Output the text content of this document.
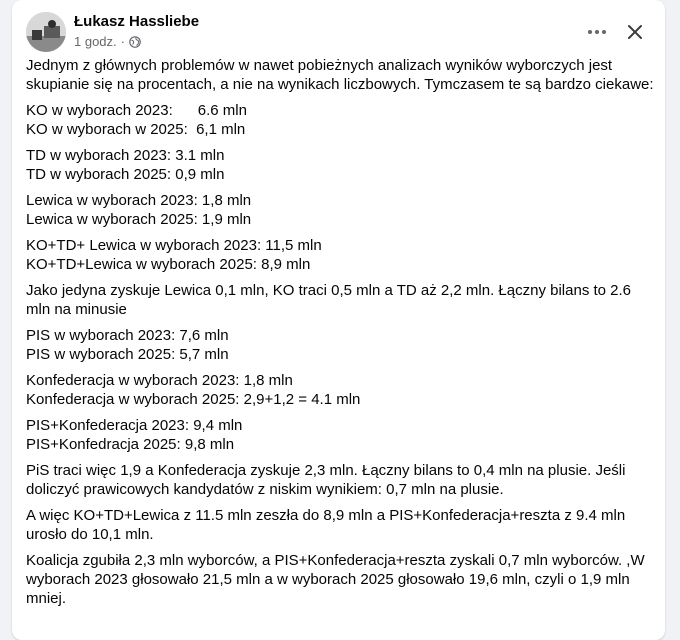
Łukasz Hassliebe
1 godz. ·
Jednym z głównych problemów w nawet pobieżnych analizach wyników wyborczych jest skupianie się na procentach, a nie na wynikach liczbowych. Tymczasem te są bardzo ciekawe:
KO w wyborach 2023:      6.6 mln
KO w wyborach w 2025:  6,1 mln
TD w wyborach 2023: 3.1 mln
TD w wyborach 2025: 0,9 mln
Lewica w wyborach 2023: 1,8 mln
Lewica w wyborach 2025: 1,9 mln
KO+TD+ Lewica w wyborach 2023: 11,5 mln
KO+TD+Lewica w wyborach 2025: 8,9 mln
Jako jedyna zyskuje Lewica 0,1 mln, KO traci 0,5 mln a TD aż 2,2 mln. Łączny bilans to 2.6 mln na minusie
PIS w wyborach 2023: 7,6 mln
PIS w wyborach 2025: 5,7 mln
Konfederacja w wyborach 2023: 1,8 mln
Konfederacja w wyborach 2025: 2,9+1,2 = 4.1 mln
PIS+Konfederacja 2023: 9,4 mln
PIS+Konfedracja 2025: 9,8 mln
PiS traci więc 1,9 a Konfederacja zyskuje 2,3 mln. Łączny bilans to 0,4 mln na plusie. Jeśli doliczyć prawicowych kandydatów z niskim wynikiem: 0,7 mln na plusie.
A więc KO+TD+Lewica z 11.5 mln zeszła do 8,9 mln a PIS+Konfederacja+reszta z 9.4 mln urosło do 10,1 mln.
Koalicja zgubiła 2,3 mln wyborców, a PIS+Konfederacja+reszta zyskali 0,7 mln wyborców. ,W wyborach 2023 głosowało 21,5 mln a w wyborach 2025 głosowało 19,6 mln, czyli o 1,9 mln mniej.
